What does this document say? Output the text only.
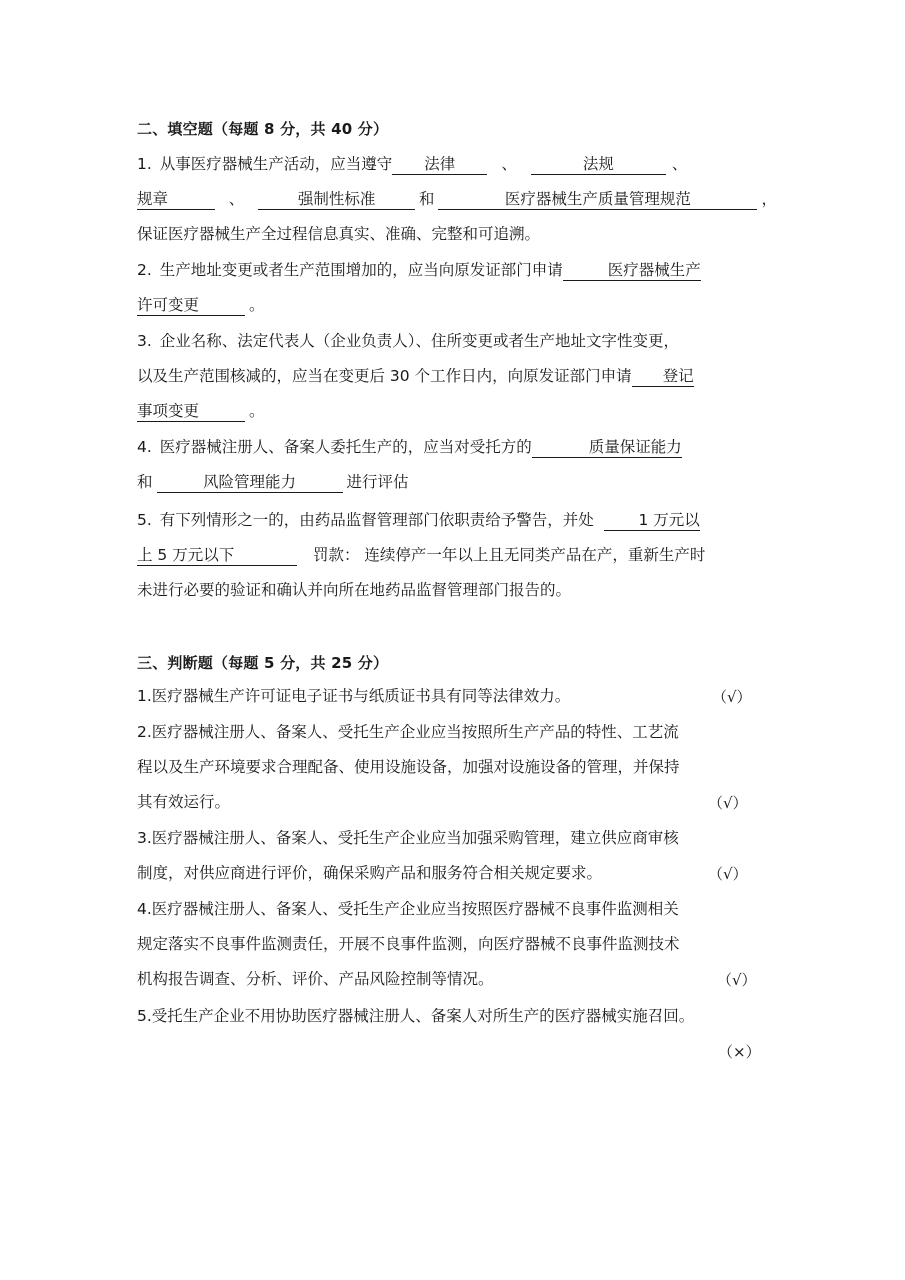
二、填空题（每题 8 分，共 40 分）
1. 从事医疗器械生产活动，应当遵守	法律	、	法规	、
规章	、	强制性标准	和	医疗器械生产质量管理规范	，
保证医疗器械生产全过程信息真实、准确、完整和可追溯。
2. 生产地址变更或者生产范围增加的，应当向原发证部门申请	医疗器械生产
许可变更	。
3. 企业名称、法定代表人（企业负责人）、住所变更或者生产地址文字性变更，
以及生产范围核减的，应当在变更后 30 个工作日内，向原发证部门申请	登记
事项变更	。
4. 医疗器械注册人、备案人委托生产的，应当对受托方的	质量保证能力
和	风险管理能力	进行评估
5. 有下列情形之一的，由药品监督管理部门依职责给予警告，并处	1 万元以
上 5 万元以下	罚款： 连续停产一年以上且无同类产品在产，重新生产时
未进行必要的验证和确认并向所在地药品监督管理部门报告的。
三、判断题（每题 5 分，共 25 分）
1.医疗器械生产许可证电子证书与纸质证书具有同等法律效力。	（√）
2.医疗器械注册人、备案人、受托生产企业应当按照所生产产品的特性、工艺流
程以及生产环境要求合理配备、使用设施设备，加强对设施设备的管理，并保持
其有效运行。	（√）
3.医疗器械注册人、备案人、受托生产企业应当加强采购管理，建立供应商审核
制度，对供应商进行评价，确保采购产品和服务符合相关规定要求。	（√）
4.医疗器械注册人、备案人、受托生产企业应当按照医疗器械不良事件监测相关
规定落实不良事件监测责任，开展不良事件监测，向医疗器械不良事件监测技术
机构报告调查、分析、评价、产品风险控制等情况。	（√）
5.受托生产企业不用协助医疗器械注册人、备案人对所生产的医疗器械实施召回。
（×）
